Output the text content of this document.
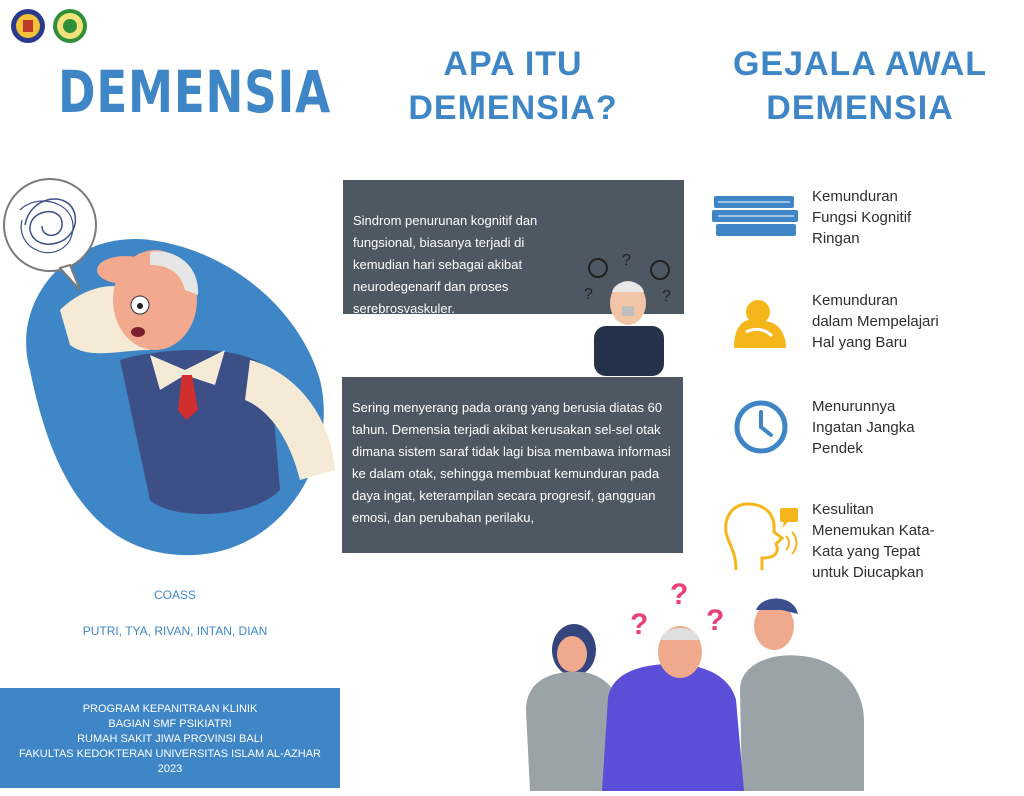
DEMENSIA	APA ITU
DEMENSIA?
GEJALA AWAL
DEMENSIA
COASS
PUTRI, TYA, RIVAN, INTAN, DIAN
PROGRAM KEPANITRAAN KLINIK
BAGIAN SMF PSIKIATRI
RUMAH SAKIT JIWA PROVINSI BALI
FAKULTAS KEDOKTERAN UNIVERSITAS ISLAM AL-AZHAR
2023
Sindrom penurunan kognitif dan fungsional, biasanya terjadi di kemudian hari sebagai akibat neurodegenarif dan proses serebrosvaskuler.
Sering menyerang pada orang yang berusia diatas 60 tahun. Demensia terjadi akibat kerusakan sel-sel otak dimana sistem saraf tidak lagi bisa membawa informasi ke dalam otak, sehingga membuat kemunduran pada daya ingat, keterampilan secara progresif, gangguan emosi, dan perubahan perilaku,
?
?	?
Kemunduran
Fungsi Kognitif
Ringan
Kemunduran
dalam Mempelajari
Hal yang Baru
Menurunnya
Ingatan Jangka
Pendek
Kesulitan
Menemukan Kata-
Kata yang Tepat
untuk Diucapkan
?
?
?
